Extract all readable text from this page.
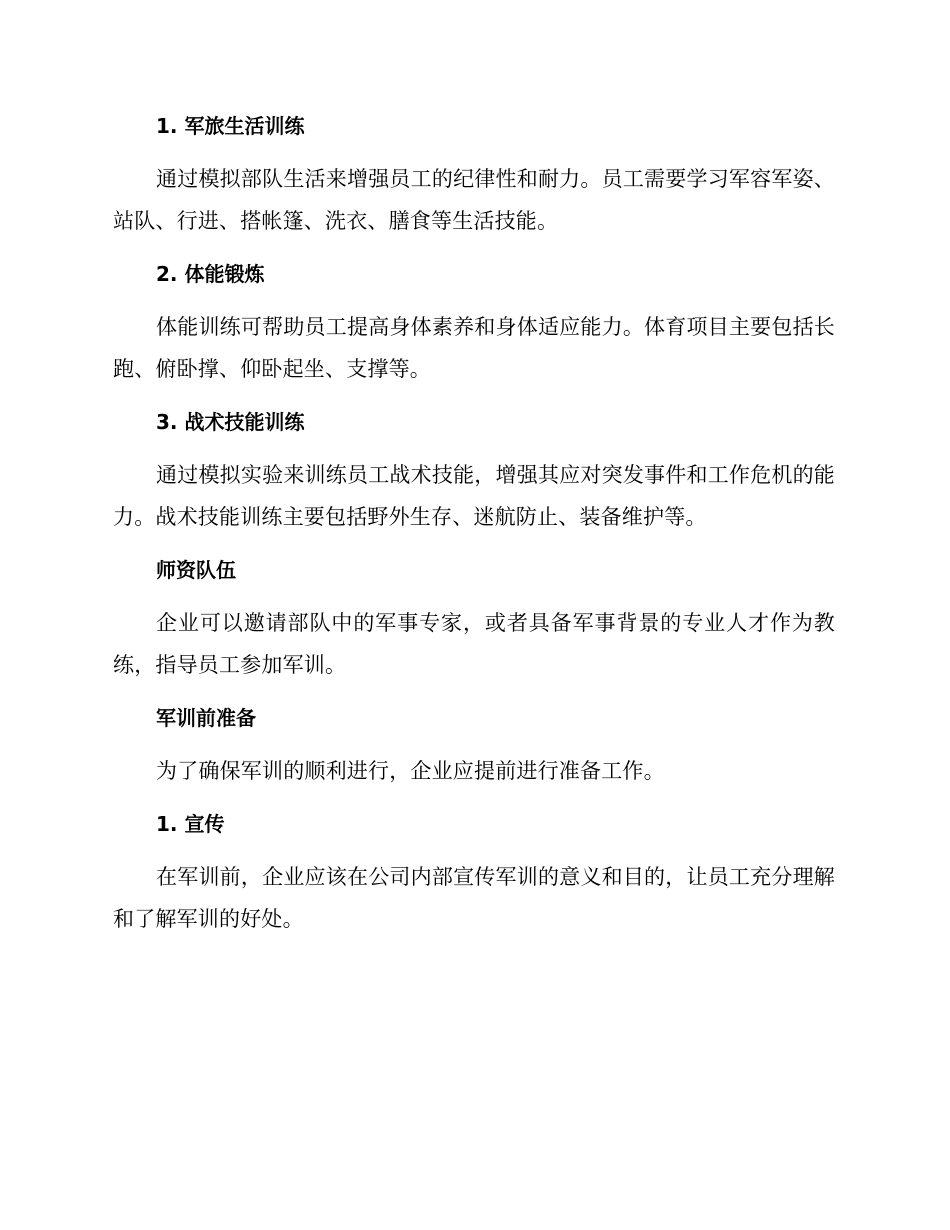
1. 军旅生活训练

通过模拟部队生活来增强员工的纪律性和耐力。员工需要学习军容军姿、站队、行进、搭帐篷、洗衣、膳食等生活技能。

2. 体能锻炼

体能训练可帮助员工提高身体素养和身体适应能力。体育项目主要包括长跑、俯卧撑、仰卧起坐、支撑等。

3. 战术技能训练

通过模拟实验来训练员工战术技能，增强其应对突发事件和工作危机的能力。战术技能训练主要包括野外生存、迷航防止、装备维护等。

师资队伍

企业可以邀请部队中的军事专家，或者具备军事背景的专业人才作为教练，指导员工参加军训。

军训前准备

为了确保军训的顺利进行，企业应提前进行准备工作。

1. 宣传

在军训前，企业应该在公司内部宣传军训的意义和目的，让员工充分理解和了解军训的好处。
